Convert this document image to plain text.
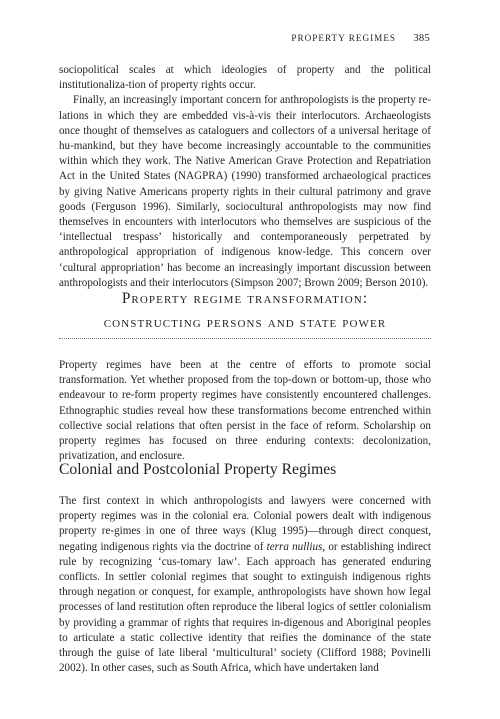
PROPERTY REGIMES 385

sociopolitical scales at which ideologies of property and the political institutionaliza-tion of property rights occur.

Finally, an increasingly important concern for anthropologists is the property re-lations in which they are embedded vis-à-vis their interlocutors. Archaeologists once thought of themselves as cataloguers and collectors of a universal heritage of hu-mankind, but they have become increasingly accountable to the communities within which they work. The Native American Grave Protection and Repatriation Act in the United States (NAGPRA) (1990) transformed archaeological practices by giving Native Americans property rights in their cultural patrimony and grave goods (Ferguson 1996). Similarly, sociocultural anthropologists may now find themselves in encounters with interlocutors who themselves are suspicious of the ‘intellectual trespass’ historically and contemporaneously perpetrated by anthropological appropriation of indigenous know-ledge. This concern over ‘cultural appropriation’ has become an increasingly important discussion between anthropologists and their interlocutors (Simpson 2007; Brown 2009; Berson 2010).

Property regime transformation:
constructing persons and state power

Property regimes have been at the centre of efforts to promote social transformation. Yet whether proposed from the top-down or bottom-up, those who endeavour to re-form property regimes have consistently encountered challenges. Ethnographic studies reveal how these transformations become entrenched within collective social relations that often persist in the face of reform. Scholarship on property regimes has focused on three enduring contexts: decolonization, privatization, and enclosure.

Colonial and Postcolonial Property Regimes

The first context in which anthropologists and lawyers were concerned with property regimes was in the colonial era. Colonial powers dealt with indigenous property re-gimes in one of three ways (Klug 1995)—through direct conquest, negating indigenous rights via the doctrine of terra nullius, or establishing indirect rule by recognizing ‘cus-tomary law’. Each approach has generated enduring conflicts. In settler colonial regimes that sought to extinguish indigenous rights through negation or conquest, for example, anthropologists have shown how legal processes of land restitution often reproduce the liberal logics of settler colonialism by providing a grammar of rights that requires in-digenous and Aboriginal peoples to articulate a static collective identity that reifies the dominance of the state through the guise of late liberal ‘multicultural’ society (Clifford 1988; Povinelli 2002). In other cases, such as South Africa, which have undertaken land
